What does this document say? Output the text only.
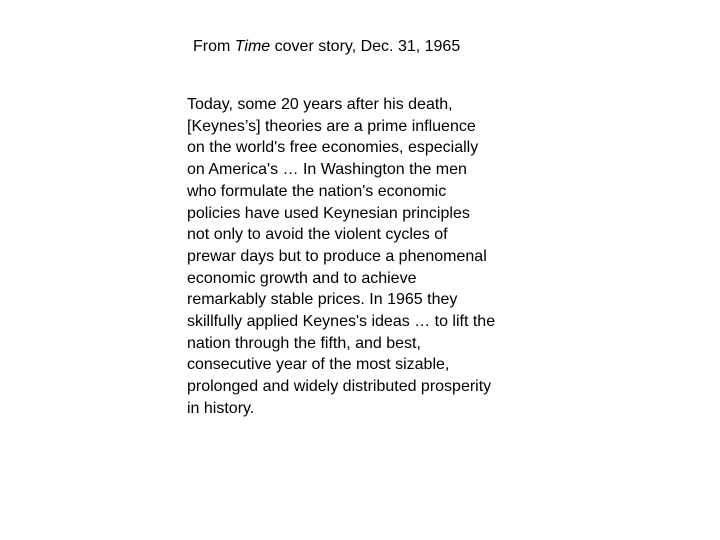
From Time cover story, Dec. 31, 1965

Today, some 20 years after his death,
[Keynes’s] theories are a prime influence
on the world's free economies, especially
on America's … In Washington the men
who formulate the nation's economic
policies have used Keynesian principles
not only to avoid the violent cycles of
prewar days but to produce a phenomenal
economic growth and to achieve
remarkably stable prices. In 1965 they
skillfully applied Keynes's ideas … to lift the
nation through the fifth, and best,
consecutive year of the most sizable,
prolonged and widely distributed prosperity
in history.
